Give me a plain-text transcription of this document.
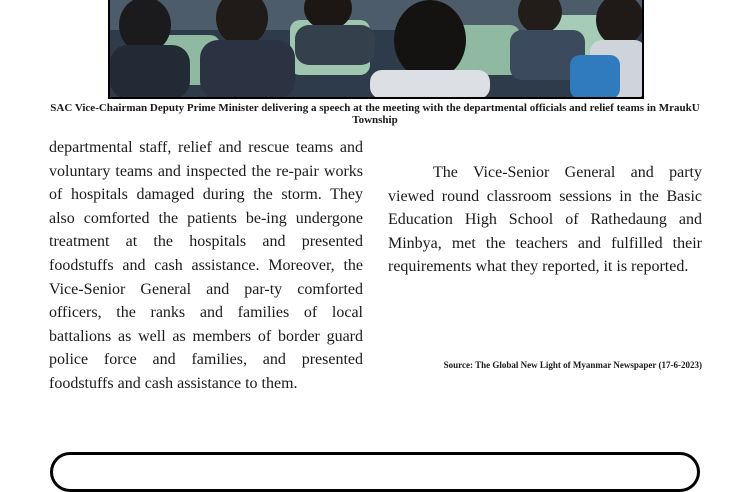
SAC Vice-Chairman Deputy Prime Minister delivering a speech at the meeting with the departmental officials and relief teams in MraukU Township

departmental staff, relief and rescue teams and voluntary teams and inspected the re-pair works of hospitals damaged during the storm. They also comforted the patients be-ing undergone treatment at the hospitals and presented foodstuffs and cash assistance. Moreover, the Vice-Senior General and par-ty comforted officers, the ranks and families of local battalions as well as members of border guard police force and families, and presented foodstuffs and cash assistance to them.

The Vice-Senior General and party viewed round classroom sessions in the Basic Education High School of Rathedaung and Minbya, met the teachers and fulfilled their requirements what they reported, it is reported.

Source: The Global New Light of Myanmar Newspaper (17-6-2023)
